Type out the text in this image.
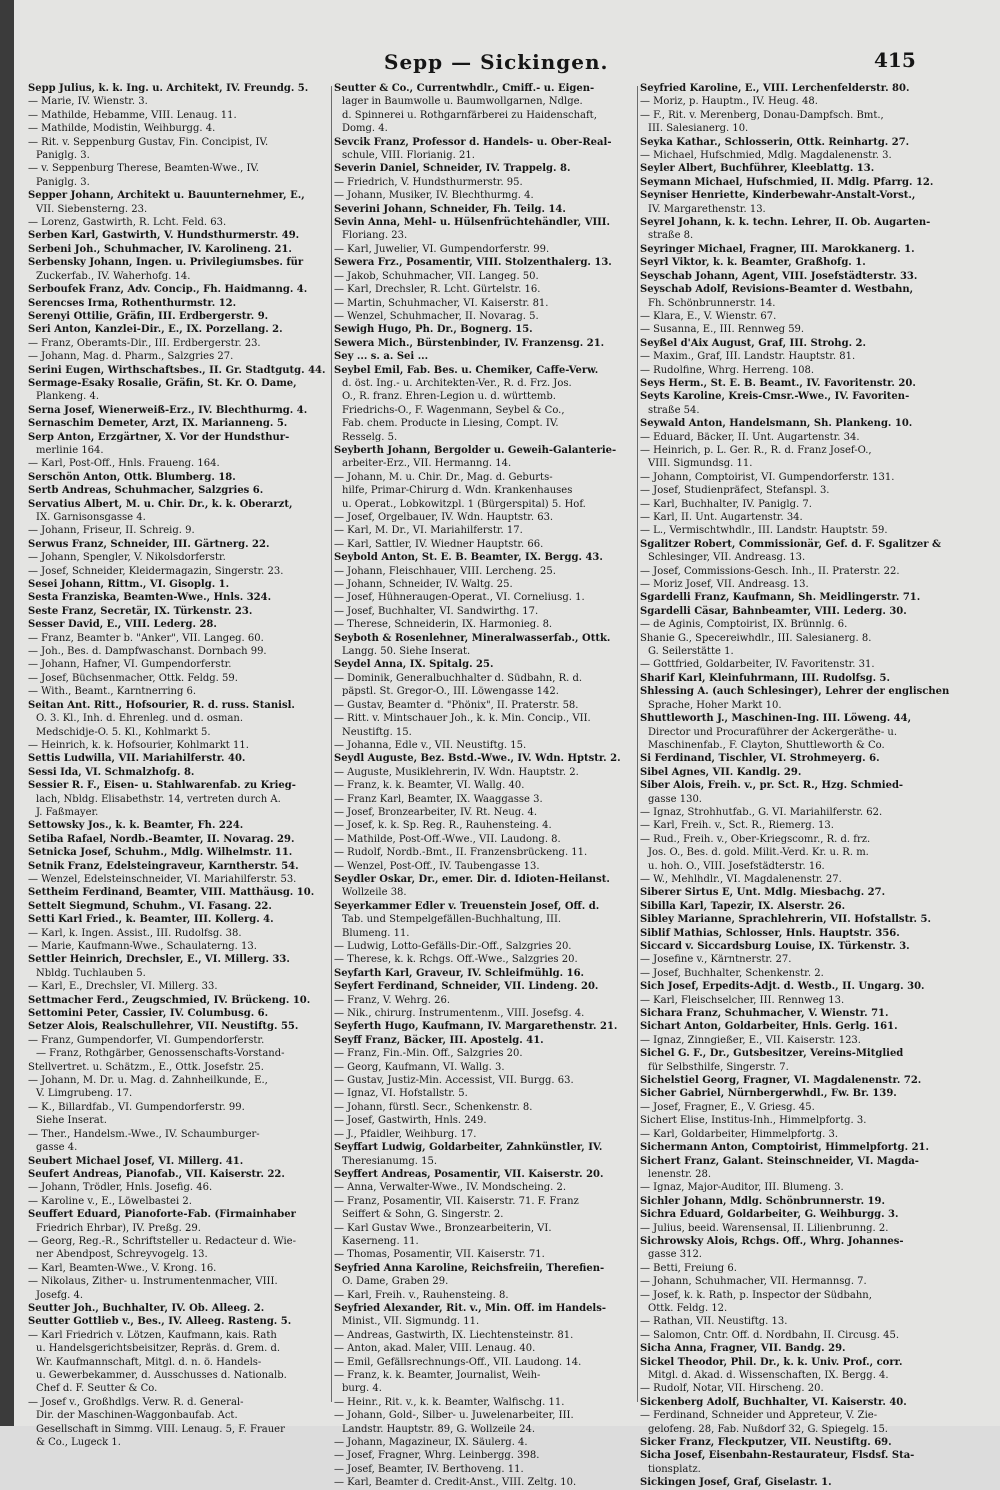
Sepp — Sickingen.	415
Sepp Julius, k. k. Ing. u. Architekt, IV. Freundg. 5.
— Marie, IV. Wienstr. 3.
— Mathilde, Hebamme, VIII. Lenaug. 11.
— Mathilde, Modistin, Weihburgg. 4.
— Rit. v. Seppenburg Gustav, Fin. Concipist, IV.
Paniglg. 3.
— v. Seppenburg Therese, Beamten-Wwe., IV.
Paniglg. 3.
Sepper Johann, Architekt u. Bauunternehmer, E.,
VII. Siebensterng. 23.
— Lorenz, Gastwirth, R. Lcht. Feld. 63.
Serben Karl, Gastwirth, V. Hundsthurmerstr. 49.
Serbeni Joh., Schuhmacher, IV. Karolineng. 21.
Serbensky Johann, Ingen. u. Privilegiumsbes. für
Zuckerfab., IV. Waherhofg. 14.
Serboufek Franz, Adv. Concip., Fh. Haidmanng. 4.
Serencses Irma, Rothenthurmstr. 12.
Serenyi Ottilie, Gräfin, III. Erdbergerstr. 9.
Seri Anton, Kanzlei-Dir., E., IX. Porzellang. 2.
— Franz, Oberamts-Dir., III. Erdbergerstr. 23.
— Johann, Mag. d. Pharm., Salzgries 27.
Serini Eugen, Wirthschaftsbes., II. Gr. Stadtgutg. 44.
Sermage-Esaky Rosalie, Gräfin, St. Kr. O. Dame,
Plankeng. 4.
Serna Josef, Wienerweiß-Erz., IV. Blechthurmg. 4.
Sernaschim Demeter, Arzt, IX. Marianneng. 5.
Serp Anton, Erzgärtner, X. Vor der Hundsthur-
merlinie 164.
— Karl, Post-Off., Hnls. Fraueng. 164.
Serschön Anton, Ottk. Blumberg. 18.
Sertb Andreas, Schuhmacher, Salzgries 6.
Servatius Albert, M. u. Chir. Dr., k. k. Oberarzt,
IX. Garnisonsgasse 4.
— Johann, Friseur, II. Schreig. 9.
Serwus Franz, Schneider, III. Gärtnerg. 22.
— Johann, Spengler, V. Nikolsdorferstr.
— Josef, Schneider, Kleidermagazin, Singerstr. 23.
Sesei Johann, Rittm., VI. Gisoplg. 1.
Sesta Franziska, Beamten-Wwe., Hnls. 324.
Seste Franz, Secretär, IX. Türkenstr. 23.
Sesser David, E., VIII. Lederg. 28.
— Franz, Beamter b. "Anker", VII. Langeg. 60.
— Joh., Bes. d. Dampfwaschanst. Dornbach 99.
— Johann, Hafner, VI. Gumpendorferstr.
— Josef, Büchsenmacher, Ottk. Feldg. 59.
— With., Beamt., Karntnerring 6.
Seitan Ant. Ritt., Hofsourier, R. d. russ. Stanisl.
O. 3. Kl., Inh. d. Ehrenleg. und d. osman.
Medschidje-O. 5. Kl., Kohlmarkt 5.
— Heinrich, k. k. Hofsourier, Kohlmarkt 11.
Settis Ludwilla, VII. Mariahilferstr. 40.
Sessi Ida, VI. Schmalzhofg. 8.
Sessier R. F., Eisen- u. Stahlwarenfab. zu Krieg-
lach, Nbldg. Elisabethstr. 14, vertreten durch A.
J. Faßmayer.
Settowsky Jos., k. k. Beamter, Fh. 224.
Setiba Rafael, Nordb.-Beamter, II. Novarag. 29.
Setnicka Josef, Schuhm., Mdlg. Wilhelmstr. 11.
Setnik Franz, Edelsteingraveur, Karntherstr. 54.
— Wenzel, Edelsteinschneider, VI. Mariahilferstr. 53.
Settheim Ferdinand, Beamter, VIII. Matthäusg. 10.
Settelt Siegmund, Schuhm., VI. Fasang. 22.
Setti Karl Fried., k. Beamter, III. Kollerg. 4.
— Karl, k. Ingen. Assist., III. Rudolfsg. 38.
— Marie, Kaufmann-Wwe., Schaulaterng. 13.
Settler Heinrich, Drechsler, E., VI. Millerg. 33.
Nbldg. Tuchlauben 5.
— Karl, E., Drechsler, VI. Millerg. 33.
Settmacher Ferd., Zeugschmied, IV. Brückeng. 10.
Settomini Peter, Cassier, IV. Columbusg. 6.
Setzer Alois, Realschullehrer, VII. Neustiftg. 55.
— Franz, Gumpendorfer, VI. Gumpendorferstr.
— Franz, Rothgärber, Genossenschafts-Vorstand-
Stellvertret. u. Schätzm., E., Ottk. Josefstr. 25.
— Johann, M. Dr. u. Mag. d. Zahnheilkunde, E.,
V. Limgrubeng. 17.
— K., Billardfab., VI. Gumpendorferstr. 99.
Siehe Inserat.
— Ther., Handelsm.-Wwe., IV. Schaumburger-
gasse 4.
Seubert Michael Josef, VI. Millerg. 41.
Seufert Andreas, Pianofab., VII. Kaiserstr. 22.
— Johann, Trödler, Hnls. Josefig. 46.
— Karoline v., E., Löwelbastei 2.
Seuffert Eduard, Pianoforte-Fab. (Firmainhaber
Friedrich Ehrbar), IV. Preßg. 29.
— Georg, Reg.-R., Schriftsteller u. Redacteur d. Wie-
ner Abendpost, Schreyvogelg. 13.
— Karl, Beamten-Wwe., V. Krong. 16.
— Nikolaus, Zither- u. Instrumentenmacher, VIII.
Josefg. 4.
Seutter Joh., Buchhalter, IV. Ob. Alleeg. 2.
Seutter Gottlieb v., Bes., IV. Alleeg. Rasteng. 5.
— Karl Friedrich v. Lötzen, Kaufmann, kais. Rath
u. Handelsgerichtsbeisitzer, Repräs. d. Grem. d.
Wr. Kaufmannschaft, Mitgl. d. n. ö. Handels-
u. Gewerbekammer, d. Ausschusses d. Nationalb.
Chef d. F. Seutter & Co.
— Josef v., Großhdlgs. Verw. R. d. General-
Dir. der Maschinen-Waggonbaufab. Act.
Gesellschaft in Simmg. VIII. Lenaug. 5, F. Frauer
& Co., Lugeck 1.
Seutter & Co., Currentwhdlr., Cmiff.- u. Eigen-
lager in Baumwolle u. Baumwollgarnen, Ndlge.
d. Spinnerei u. Rothgarnfärberei zu Haidenschaft,
Domg. 4.
Sevcik Franz, Professor d. Handels- u. Ober-Real-
schule, VIII. Florianig. 21.
Severin Daniel, Schneider, IV. Trappelg. 8.
— Friedrich, V. Hundsthurmerstr. 95.
— Johann, Musiker, IV. Blechthurmg. 4.
Severini Johann, Schneider, Fh. Teilg. 14.
Sevin Anna, Mehl- u. Hülsenfrüchtehändler, VIII.
Floriang. 23.
— Karl, Juwelier, VI. Gumpendorferstr. 99.
Sewera Frz., Posamentir, VIII. Stolzenthalerg. 13.
— Jakob, Schuhmacher, VII. Langeg. 50.
— Karl, Drechsler, R. Lcht. Gürtelstr. 16.
— Martin, Schuhmacher, VI. Kaiserstr. 81.
— Wenzel, Schuhmacher, II. Novarag. 5.
Sewigh Hugo, Ph. Dr., Bognerg. 15.
Sewera Mich., Bürstenbinder, IV. Franzensg. 21.
Sey ... s. a. Sei ...
Seybel Emil, Fab. Bes. u. Chemiker, Caffe-Verw.
d. öst. Ing.- u. Architekten-Ver., R. d. Frz. Jos.
O., R. franz. Ehren-Legion u. d. württemb.
Friedrichs-O., F. Wagenmann, Seybel & Co.,
Fab. chem. Producte in Liesing, Compt. IV.
Resselg. 5.
Seyberth Johann, Bergolder u. Geweih-Galanterie-
arbeiter-Erz., VII. Hermanng. 14.
— Johann, M. u. Chir. Dr., Mag. d. Geburts-
hilfe, Primar-Chirurg d. Wdn. Krankenhauses
u. Operat., Lobkowitzpl. 1 (Bürgerspital) 5. Hof.
— Josef, Orgelbauer, IV. Wdn. Hauptstr. 63.
— Karl, M. Dr., VI. Mariahilferstr. 17.
— Karl, Sattler, IV. Wiedner Hauptstr. 66.
Seybold Anton, St. E. B. Beamter, IX. Bergg. 43.
— Johann, Fleischhauer, VIII. Lercheng. 25.
— Johann, Schneider, IV. Waltg. 25.
— Josef, Hühneraugen-Operat., VI. Corneliusg. 1.
— Josef, Buchhalter, VI. Sandwirthg. 17.
— Therese, Schneiderin, IX. Harmonieg. 8.
Seyboth & Rosenlehner, Mineralwasserfab., Ottk.
Langg. 50. Siehe Inserat.
Seydel Anna, IX. Spitalg. 25.
— Dominik, Generalbuchhalter d. Südbahn, R. d.
päpstl. St. Gregor-O., III. Löwengasse 142.
— Gustav, Beamter d. "Phönix", II. Praterstr. 58.
— Ritt. v. Mintschauer Joh., k. k. Min. Concip., VII.
Neustiftg. 15.
— Johanna, Edle v., VII. Neustiftg. 15.
Seydl Auguste, Bez. Bstd.-Wwe., IV. Wdn. Hptstr. 2.
— Auguste, Musiklehrerin, IV. Wdn. Hauptstr. 2.
— Franz, k. k. Beamter, VI. Wallg. 40.
— Franz Karl, Beamter, IX. Waaggasse 3.
— Josef, Bronzearbeiter, IV. Rt. Neug. 4.
— Josef, k. k. Sp. Reg. R., Rauhensteing. 4.
— Mathilde, Post-Off.-Wwe., VII. Laudong. 8.
— Rudolf, Nordb.-Bmt., II. Franzensbrückeng. 11.
— Wenzel, Post-Off., IV. Taubengasse 13.
Seydler Oskar, Dr., emer. Dir. d. Idioten-Heilanst.
Wollzeile 38.
Seyerkammer Edler v. Treuenstein Josef, Off. d.
Tab. und Stempelgefällen-Buchhaltung, III.
Blumeng. 11.
— Ludwig, Lotto-Gefälls-Dir.-Off., Salzgries 20.
— Therese, k. k. Rchgs. Off.-Wwe., Salzgries 20.
Seyfarth Karl, Graveur, IV. Schleifmühlg. 16.
Seyfert Ferdinand, Schneider, VII. Lindeng. 20.
— Franz, V. Wehrg. 26.
— Nik., chirurg. Instrumentenm., VIII. Josefsg. 4.
Seyferth Hugo, Kaufmann, IV. Margarethenstr. 21.
Seyff Franz, Bäcker, III. Apostelg. 41.
— Franz, Fin.-Min. Off., Salzgries 20.
— Georg, Kaufmann, VI. Wallg. 3.
— Gustav, Justiz-Min. Accessist, VII. Burgg. 63.
— Ignaz, VI. Hofstallstr. 5.
— Johann, fürstl. Secr., Schenkenstr. 8.
— Josef, Gastwirth, Hnls. 249.
— J., Pfaidler, Weihburg. 17.
Seyffart Ludwig, Goldarbeiter, Zahnkünstler, IV.
Theresianumg. 15.
Seyffert Andreas, Posamentir, VII. Kaiserstr. 20.
— Anna, Verwalter-Wwe., IV. Mondscheing. 2.
— Franz, Posamentir, VII. Kaiserstr. 71. F. Franz
Seiffert & Sohn, G. Singerstr. 2.
— Karl Gustav Wwe., Bronzearbeiterin, VI.
Kaserneng. 11.
— Thomas, Posamentir, VII. Kaiserstr. 71.
Seyfried Anna Karoline, Reichsfreiin, Therefien-
O. Dame, Graben 29.
— Karl, Freih. v., Rauhensteing. 8.
Seyfried Alexander, Rit. v., Min. Off. im Handels-
Minist., VII. Sigmundg. 11.
— Andreas, Gastwirth, IX. Liechtensteinstr. 81.
— Anton, akad. Maler, VIII. Lenaug. 40.
— Emil, Gefällsrechnungs-Off., VII. Laudong. 14.
— Franz, k. k. Beamter, Journalist, Weih-
burg. 4.
— Heinr., Rit. v., k. k. Beamter, Walfischg. 11.
— Johann, Gold-, Silber- u. Juwelenarbeiter, III.
Landstr. Hauptstr. 89, G. Wollzeile 24.
— Johann, Magazineur, IX. Säulerg. 4.
— Josef, Fragner, Whrg. Leinbergg. 398.
— Josef, Beamter, IV. Berthoveng. 11.
— Karl, Beamter d. Credit-Anst., VIII. Zeltg. 10.
Seyfried Karoline, E., VIII. Lerchenfelderstr. 80.
— Moriz, p. Hauptm., IV. Heug. 48.
— F., Rit. v. Merenberg, Donau-Dampfsch. Bmt.,
III. Salesianerg. 10.
Seyka Kathar., Schlosserin, Ottk. Reinhartg. 27.
— Michael, Hufschmied, Mdlg. Magdalenenstr. 3.
Seyler Albert, Buchführer, Kleeblattg. 13.
Seymann Michael, Hufschmied, II. Mdlg. Pfarrg. 12.
Seyniser Henriette, Kinderbewahr-Anstalt-Vorst.,
IV. Margarethenstr. 13.
Seyrel Johann, k. k. techn. Lehrer, II. Ob. Augarten-
straße 8.
Seyringer Michael, Fragner, III. Marokkanerg. 1.
Seyrl Viktor, k. k. Beamter, Graßhofg. 1.
Seyschab Johann, Agent, VIII. Josefstädterstr. 33.
Seyschab Adolf, Revisions-Beamter d. Westbahn,
Fh. Schönbrunnerstr. 14.
— Klara, E., V. Wienstr. 67.
— Susanna, E., III. Rennweg 59.
Seyßel d'Aix August, Graf, III. Strohg. 2.
— Maxim., Graf, III. Landstr. Hauptstr. 81.
— Rudolfine, Whrg. Herreng. 108.
Seys Herm., St. E. B. Beamt., IV. Favoritenstr. 20.
Seyts Karoline, Kreis-Cmsr.-Wwe., IV. Favoriten-
straße 54.
Seywald Anton, Handelsmann, Sh. Plankeng. 10.
— Eduard, Bäcker, II. Unt. Augartenstr. 34.
— Heinrich, p. L. Ger. R., R. d. Franz Josef-O.,
VIII. Sigmundsg. 11.
— Johann, Comptoirist, VI. Gumpendorferstr. 131.
— Josef, Studienpräfect, Stefanspl. 3.
— Karl, Buchhalter, IV. Paniglg. 7.
— Karl, II. Unt. Augartenstr. 34.
— L., Vermischtwhdlr., III. Landstr. Hauptstr. 59.
Sgalitzer Robert, Commissionär, Gef. d. F. Sgalitzer &
Schlesinger, VII. Andreasg. 13.
— Josef, Commissions-Gesch. Inh., II. Praterstr. 22.
— Moriz Josef, VII. Andreasg. 13.
Sgardelli Franz, Kaufmann, Sh. Meidlingerstr. 71.
Sgardelli Cäsar, Bahnbeamter, VIII. Lederg. 30.
— de Aginis, Comptoirist, IX. Brünnlg. 6.
Shanie G., Specereiwhdlr., III. Salesianerg. 8.
G. Seilerstätte 1.
— Gottfried, Goldarbeiter, IV. Favoritenstr. 31.
Sharif Karl, Kleinfuhrmann, III. Rudolfsg. 5.
Shlessing A. (auch Schlesinger), Lehrer der englischen
Sprache, Hoher Markt 10.
Shuttleworth J., Maschinen-Ing. III. Löweng. 44,
Director und Procuraführer der Ackergeräthe- u.
Maschinenfab., F. Clayton, Shuttleworth & Co.
Si Ferdinand, Tischler, VI. Strohmeyerg. 6.
Sibel Agnes, VII. Kandlg. 29.
Siber Alois, Freih. v., pr. Sct. R., Hzg. Schmied-
gasse 130.
— Ignaz, Strohhutfab., G. VI. Mariahilferstr. 62.
— Karl, Freih. v., Sct. R., Riemerg. 13.
— Rud., Freih. v., Ober-Kriegscomr., R. d. frz.
Jos. O., Bes. d. gold. Milit.-Verd. Kr. u. R. m.
u. hoh. O., VIII. Josefstädterstr. 16.
— W., Mehlhdlr., VI. Magdalenenstr. 27.
Siberer Sirtus E, Unt. Mdlg. Miesbachg. 27.
Sibilla Karl, Tapezir, IX. Alserstr. 26.
Sibley Marianne, Sprachlehrerin, VII. Hofstallstr. 5.
Siblif Mathias, Schlosser, Hnls. Hauptstr. 356.
Siccard v. Siccardsburg Louise, IX. Türkenstr. 3.
— Josefine v., Kärntnerstr. 27.
— Josef, Buchhalter, Schenkenstr. 2.
Sich Josef, Erpedits-Adjt. d. Westb., II. Ungarg. 30.
— Karl, Fleischselcher, III. Rennweg 13.
Sichara Franz, Schuhmacher, V. Wienstr. 71.
Sichart Anton, Goldarbeiter, Hnls. Gerlg. 161.
— Ignaz, Zinngießer, E., VII. Kaiserstr. 123.
Sichel G. F., Dr., Gutsbesitzer, Vereins-Mitglied
für Selbsthilfe, Singerstr. 7.
Sichelstiel Georg, Fragner, VI. Magdalenenstr. 72.
Sicher Gabriel, Nürnbergerwhdl., Fw. Br. 139.
— Josef, Fragner, E., V. Griesg. 45.
Sichert Elise, Institus-Inh., Himmelpfortg. 3.
— Karl, Goldarbeiter, Himmelpfortg. 3.
Sichermann Anton, Comptoirist, Himmelpfortg. 21.
Sichert Franz, Galant. Steinschneider, VI. Magda-
lenenstr. 28.
— Ignaz, Major-Auditor, III. Blumeng. 3.
Sichler Johann, Mdlg. Schönbrunnerstr. 19.
Sichra Eduard, Goldarbeiter, G. Weihburgg. 3.
— Julius, beeid. Warensensal, II. Lilienbrunng. 2.
Sichrowsky Alois, Rchgs. Off., Whrg. Johannes-
gasse 312.
— Betti, Freiung 6.
— Johann, Schuhmacher, VII. Hermannsg. 7.
— Josef, k. k. Rath, p. Inspector der Südbahn,
Ottk. Feldg. 12.
— Rathan, VII. Neustiftg. 13.
— Salomon, Cntr. Off. d. Nordbahn, II. Circusg. 45.
Sicha Anna, Fragner, VII. Bandg. 29.
Sickel Theodor, Phil. Dr., k. k. Univ. Prof., corr.
Mitgl. d. Akad. d. Wissenschaften, IX. Bergg. 4.
— Rudolf, Notar, VII. Hirscheng. 20.
Sickenberg Adolf, Buchhalter, VI. Kaiserstr. 40.
— Ferdinand, Schneider und Appreteur, V. Zie-
gelofeng. 28, Fab. Nußdorf 32, G. Spiegelg. 15.
Sicker Franz, Fleckputzer, VII. Neustiftg. 69.
Sicha Josef, Eisenbahn-Restaurateur, Flsdsf. Sta-
tionsplatz.
Sickingen Josef, Graf, Giselastr. 1.
